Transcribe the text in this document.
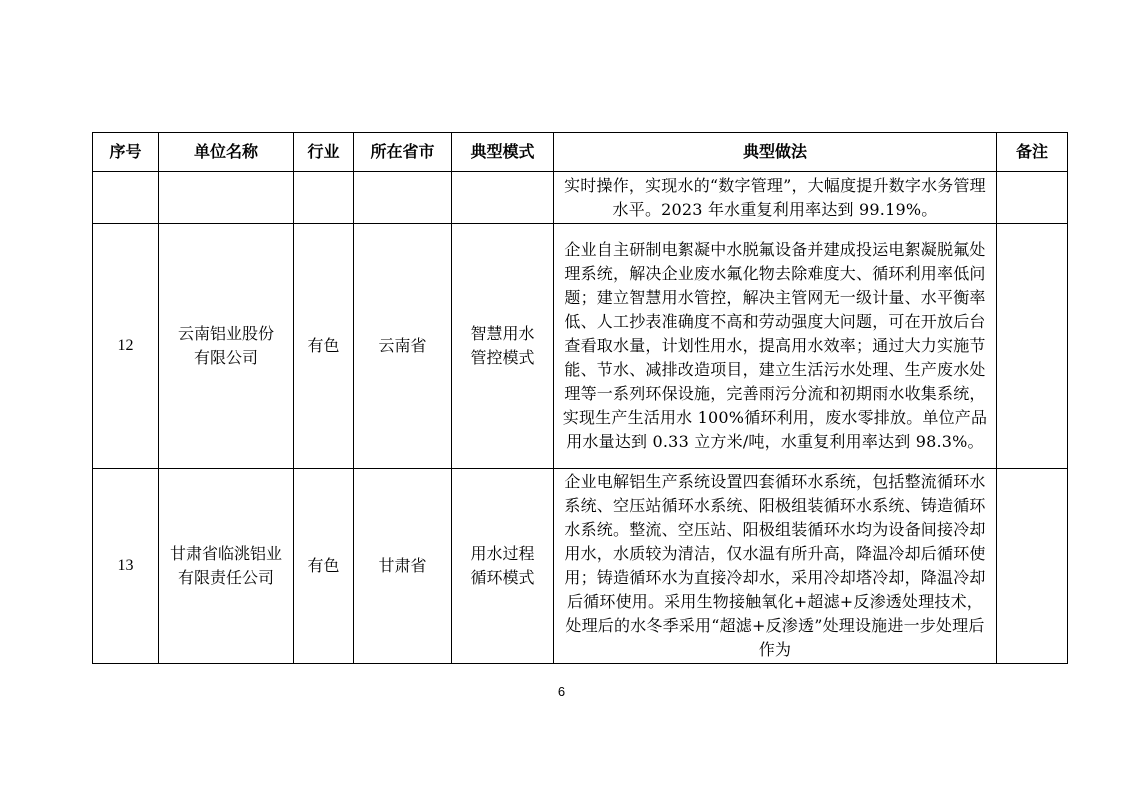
序号	单位名称	行业	所在省市	典型模式	典型做法	备注
					实时操作，实现水的“数字管理”，大幅度提升数字水务管理水平。2023 年水重复利用率达到 99.19%。	
12	云南铝业股份有限公司	有色	云南省	智慧用水管控模式	企业自主研制电絮凝中水脱氟设备并建成投运电絮凝脱氟处理系统，解决企业废水氟化物去除难度大、循环利用率低问题；建立智慧用水管控，解决主管网无一级计量、水平衡率低、人工抄表准确度不高和劳动强度大问题，可在开放后台查看取水量，计划性用水，提高用水效率；通过大力实施节能、节水、减排改造项目，建立生活污水处理、生产废水处理等一系列环保设施，完善雨污分流和初期雨水收集系统，实现生产生活用水 100%循环利用，废水零排放。单位产品用水量达到 0.33 立方米/吨，水重复利用率达到 98.3%。	
13	甘肃省临洮铝业有限责任公司	有色	甘肃省	用水过程循环模式	企业电解铝生产系统设置四套循环水系统，包括整流循环水系统、空压站循环水系统、阳极组装循环水系统、铸造循环水系统。整流、空压站、阳极组装循环水均为设备间接冷却用水，水质较为清洁，仅水温有所升高，降温冷却后循环使用；铸造循环水为直接冷却水，采用冷却塔冷却，降温冷却后循环使用。采用生物接触氧化+超滤+反渗透处理技术，处理后的水冬季采用“超滤+反渗透”处理设施进一步处理后作为	
6
